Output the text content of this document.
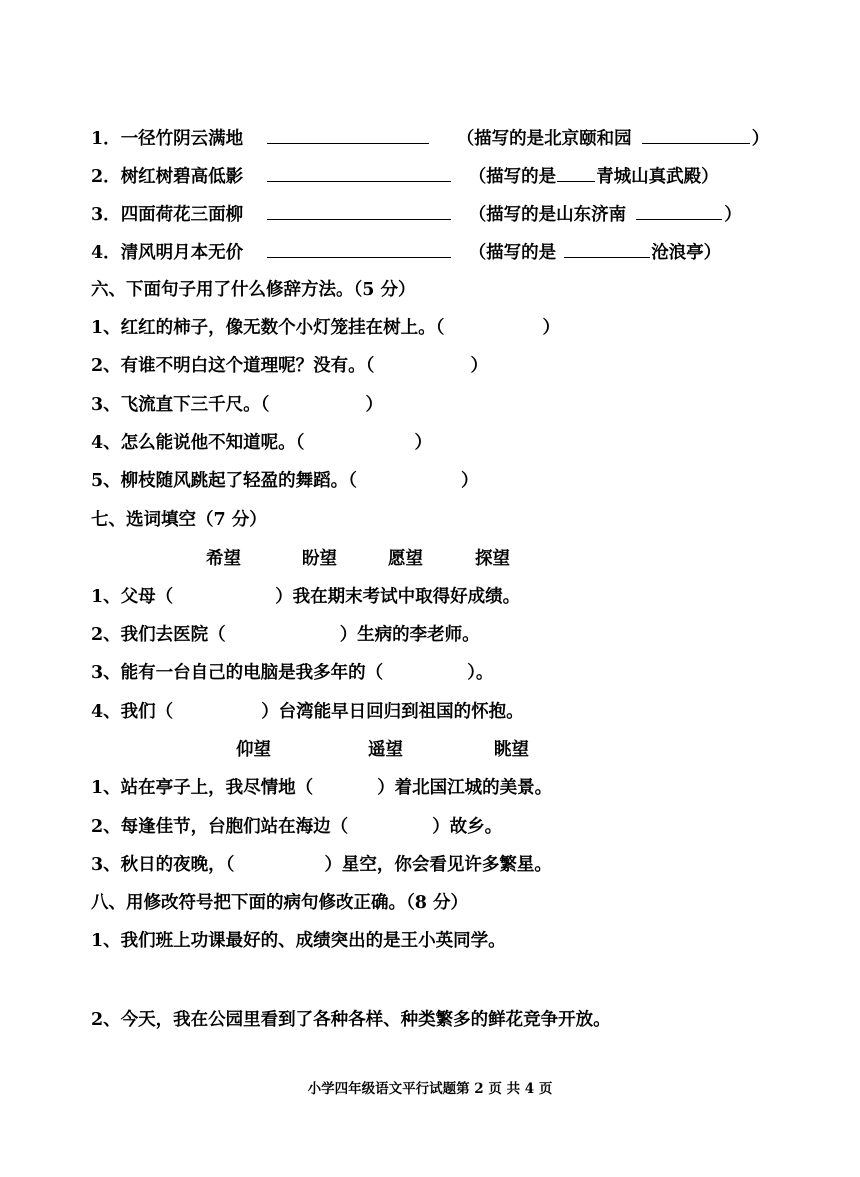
1．一径竹阴云满地	（描写的是北京颐和园	）
2．树红树碧高低影	（描写的是 青城山真武殿）
3．四面荷花三面柳	（描写的是山东济南	）
4．清风明月本无价	（描写的是	沧浪亭）
六、下面句子用了什么修辞方法。（5 分）
1、红红的柿子，像无数个小灯笼挂在树上。（	）
2、有谁不明白这个道理呢？没有。（	）
3、飞流直下三千尺。（	）
4、怎么能说他不知道呢。（	）
5、柳枝随风跳起了轻盈的舞蹈。（	）
七、选词填空（7 分）
希望	盼望	愿望	探望
1、父母（	）我在期末考试中取得好成绩。
2、我们去医院（	）生病的李老师。
3、能有一台自己的电脑是我多年的（	）。
4、我们（	）台湾能早日回归到祖国的怀抱。
仰望	遥望	眺望
1、站在亭子上，我尽情地（	）着北国江城的美景。
2、每逢佳节，台胞们站在海边（	）故乡。
3、秋日的夜晚，（	）星空，你会看见许多繁星。
八、用修改符号把下面的病句修改正确。（8 分）
1、我们班上功课最好的、成绩突出的是王小英同学。
2、今天，我在公园里看到了各种各样、种类繁多的鲜花竞争开放。
小学四年级语文平行试题第 2 页 共 4 页
